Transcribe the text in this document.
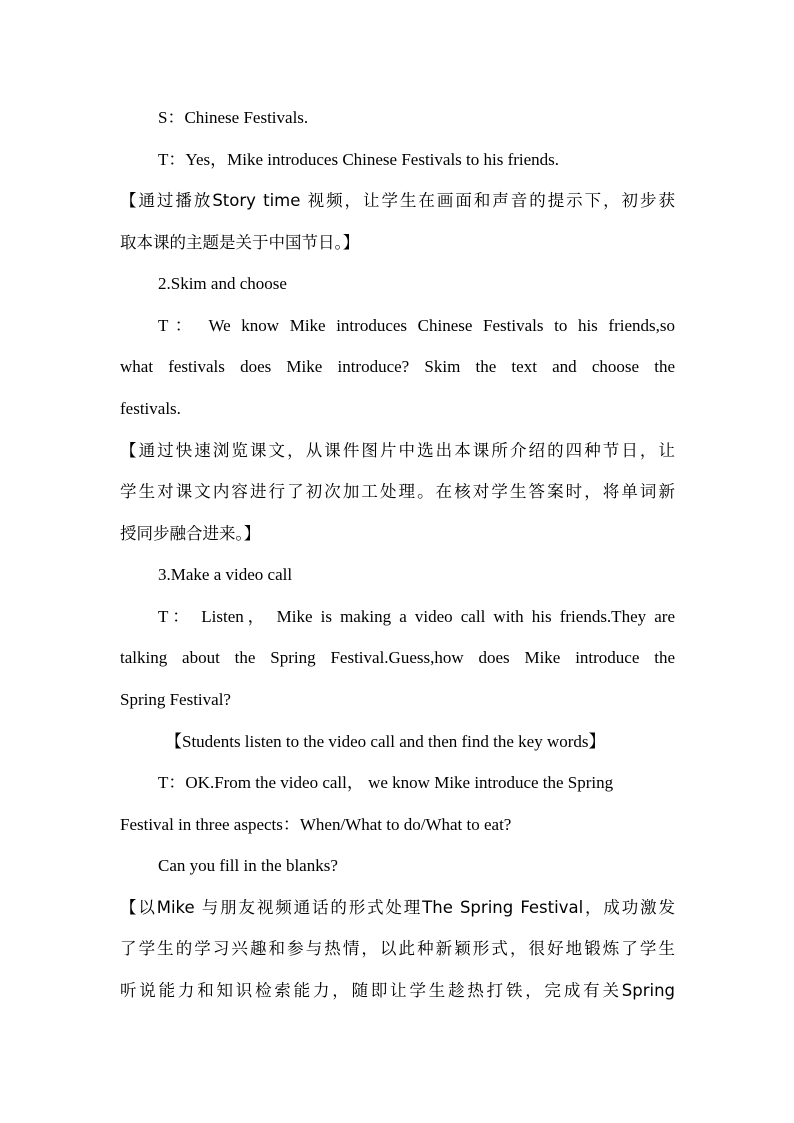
S：Chinese Festivals.
T：Yes，Mike introduces Chinese Festivals to his friends.
【通过播放Story time 视频，让学生在画面和声音的提示下，初步获
取本课的主题是关于中国节日。】
2.Skim and choose
T： We know Mike introduces Chinese Festivals to his friends,so
what festivals does Mike introduce? Skim the text and choose the
festivals.
【通过快速浏览课文，从课件图片中选出本课所介绍的四种节日，让
学生对课文内容进行了初次加工处理。在核对学生答案时，将单词新
授同步融合进来。】
3.Make a video call
T： Listen， Mike is making a video call with his friends.They are
talking about the Spring Festival.Guess,how does Mike introduce the
Spring Festival?
【Students listen to the video call and then find the key words】
T：OK.From the video call， we know Mike introduce the Spring
Festival in three aspects：When/What to do/What to eat?
Can you fill in the blanks?
【以Mike 与朋友视频通话的形式处理The Spring Festival，成功激发
了学生的学习兴趣和参与热情，以此种新颖形式，很好地锻炼了学生
听说能力和知识检索能力，随即让学生趁热打铁，完成有关Spring
